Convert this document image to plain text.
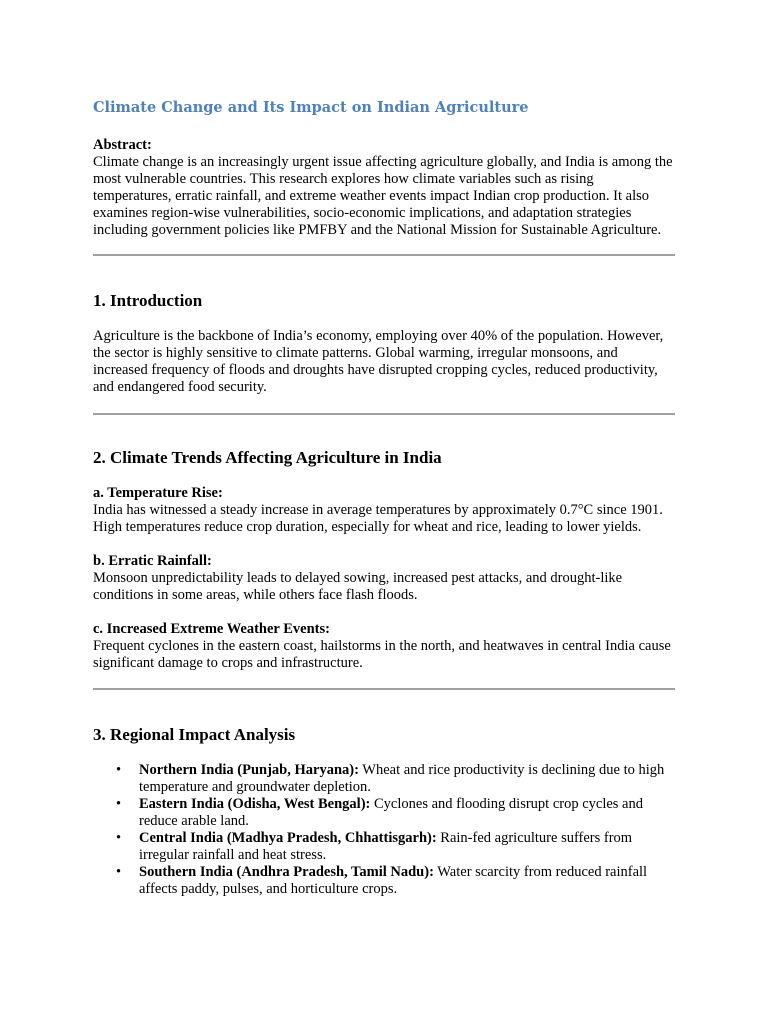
Climate Change and Its Impact on Indian Agriculture
Abstract:

Climate change is an increasingly urgent issue affecting agriculture globally, and India is among the most vulnerable countries. This research explores how climate variables such as rising temperatures, erratic rainfall, and extreme weather events impact Indian crop production. It also examines region-wise vulnerabilities, socio-economic implications, and adaptation strategies including government policies like PMFBY and the National Mission for Sustainable Agriculture.

1. Introduction

Agriculture is the backbone of India’s economy, employing over 40% of the population. However, the sector is highly sensitive to climate patterns. Global warming, irregular monsoons, and increased frequency of floods and droughts have disrupted cropping cycles, reduced productivity, and endangered food security.

2. Climate Trends Affecting Agriculture in India
a. Temperature Rise:

India has witnessed a steady increase in average temperatures by approximately 0.7°C since 1901. High temperatures reduce crop duration, especially for wheat and rice, leading to lower yields.

b. Erratic Rainfall:

Monsoon unpredictability leads to delayed sowing, increased pest attacks, and drought-like conditions in some areas, while others face flash floods.

c. Increased Extreme Weather Events:

Frequent cyclones in the eastern coast, hailstorms in the north, and heatwaves in central India cause significant damage to crops and infrastructure.

3. Regional Impact Analysis
• Northern India (Punjab, Haryana): Wheat and rice productivity is declining due to high temperature and groundwater depletion.
• Eastern India (Odisha, West Bengal): Cyclones and flooding disrupt crop cycles and reduce arable land.
• Central India (Madhya Pradesh, Chhattisgarh): Rain-fed agriculture suffers from irregular rainfall and heat stress.
• Southern India (Andhra Pradesh, Tamil Nadu): Water scarcity from reduced rainfall affects paddy, pulses, and horticulture crops.
